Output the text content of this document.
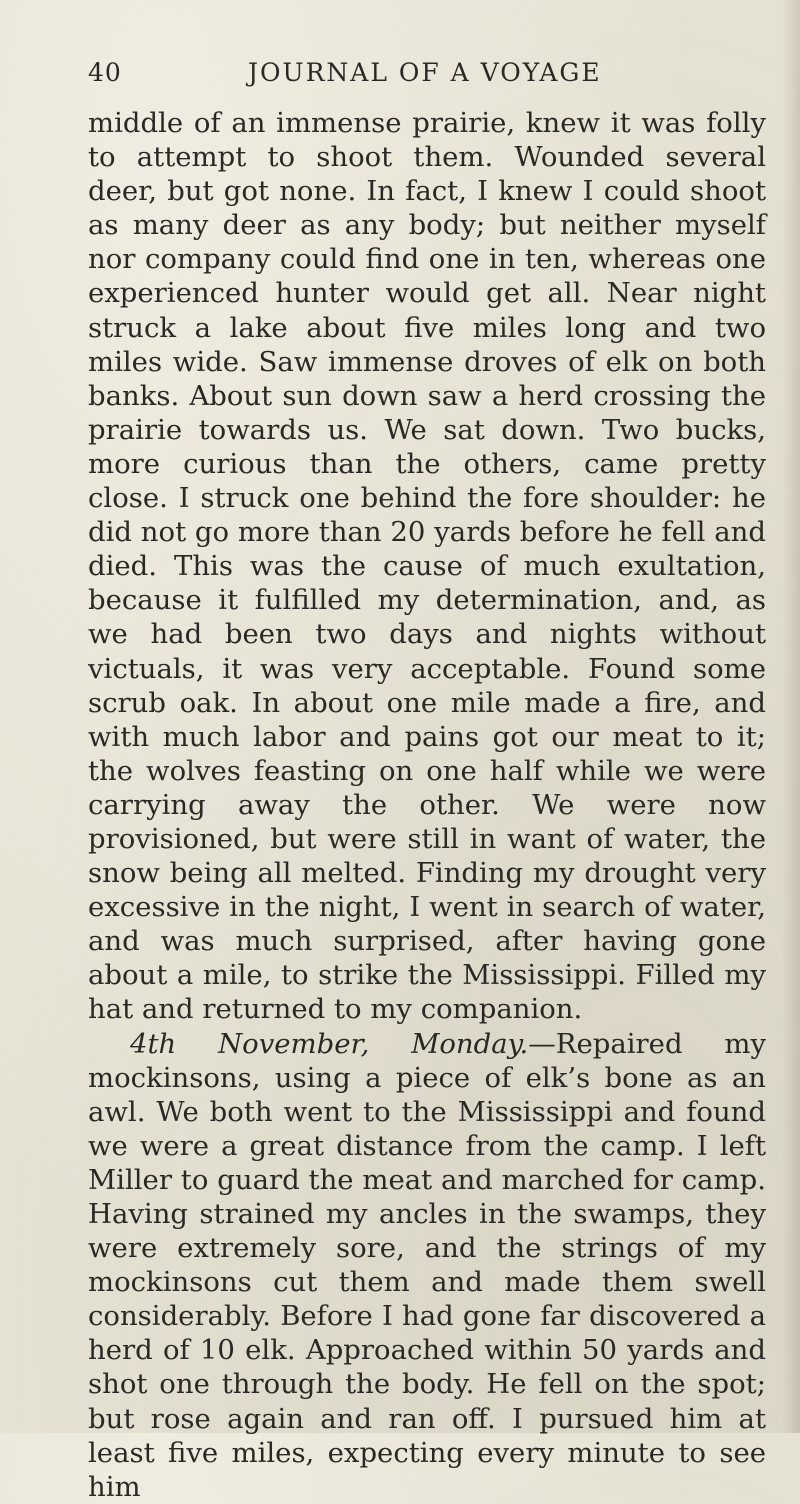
40	JOURNAL OF A VOYAGE

middle of an immense prairie, knew it was folly to attempt to shoot them. Wounded several deer, but got none. In fact, I knew I could shoot as many deer as any body; but neither myself nor company could find one in ten, whereas one experienced hunter would get all. Near night struck a lake about five miles long and two miles wide. Saw immense droves of elk on both banks. About sun down saw a herd crossing the prairie towards us. We sat down. Two bucks, more curious than the others, came pretty close. I struck one behind the fore shoulder: he did not go more than 20 yards before he fell and died. This was the cause of much exultation, because it fulfilled my determination, and, as we had been two days and nights without victuals, it was very acceptable. Found some scrub oak. In about one mile made a fire, and with much labor and pains got our meat to it; the wolves feasting on one half while we were carrying away the other. We were now provisioned, but were still in want of water, the snow being all melted. Finding my drought very excessive in the night, I went in search of water, and was much surprised, after having gone about a mile, to strike the Mississippi. Filled my hat and returned to my companion.

4th November, Monday.—Repaired my mockinsons, using a piece of elk’s bone as an awl. We both went to the Mississippi and found we were a great distance from the camp. I left Miller to guard the meat and marched for camp. Having strained my ancles in the swamps, they were extremely sore, and the strings of my mockinsons cut them and made them swell considerably. Before I had gone far discovered a herd of 10 elk. Approached within 50 yards and shot one through the body. He fell on the spot; but rose again and ran off. I pursued him at least five miles, expecting every minute to see him
